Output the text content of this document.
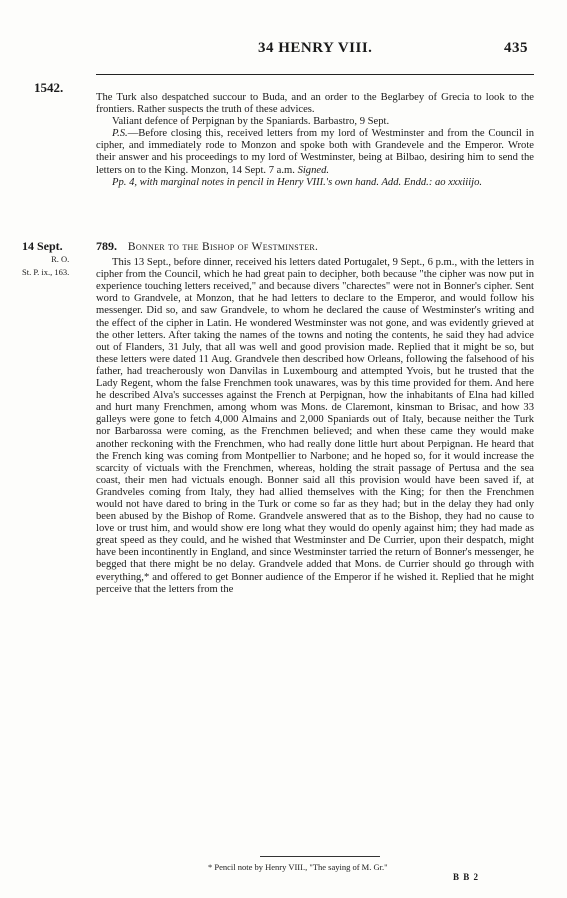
34 HENRY VIII.	435
1542.

The Turk also despatched succour to Buda, and an order to the Beglarbey of Grecia to look to the frontiers. Rather suspects the truth of these advices.

Valiant defence of Perpignan by the Spaniards. Barbastro, 9 Sept.

P.S.—Before closing this, received letters from my lord of Westminster and from the Council in cipher, and immediately rode to Monzon and spoke both with Grandevele and the Emperor. Wrote their answer and his proceedings to my lord of Westminster, being at Bilbao, desiring him to send the letters on to the King. Monzon, 14 Sept. 7 a.m. Signed.

Pp. 4, with marginal notes in pencil in Henry VIII.'s own hand. Add. Endd.: ao xxxiiijo.

14 Sept.
R. O.
St. P. ix., 163.
789. Bonner to the Bishop of Westminster.

This 13 Sept., before dinner, received his letters dated Portugalet, 9 Sept., 6 p.m., with the letters in cipher from the Council, which he had great pain to decipher, both because "the cipher was now put in experience touching letters received," and because divers "charectes" were not in Bonner's cipher. Sent word to Grandvele, at Monzon, that he had letters to declare to the Emperor, and would follow his messenger. Did so, and saw Grandvele, to whom he declared the cause of Westminster's writing and the effect of the cipher in Latin. He wondered Westminster was not gone, and was evidently grieved at the other letters. After taking the names of the towns and noting the contents, he said they had advice out of Flanders, 31 July, that all was well and good provision made. Replied that it might be so, but these letters were dated 11 Aug. Grandvele then described how Orleans, following the falsehood of his father, had treacherously won Danvilas in Luxembourg and attempted Yvois, but he trusted that the Lady Regent, whom the false Frenchmen took unawares, was by this time provided for them. And here he described Alva's successes against the French at Perpignan, how the inhabitants of Elna had killed and hurt many Frenchmen, among whom was Mons. de Claremont, kinsman to Brisac, and how 33 galleys were gone to fetch 4,000 Almains and 2,000 Spaniards out of Italy, because neither the Turk nor Barbarossa were coming, as the Frenchmen believed; and when these came they would make another reckoning with the Frenchmen, who had really done little hurt about Perpignan. He heard that the French king was coming from Montpellier to Narbone; and he hoped so, for it would increase the scarcity of victuals with the Frenchmen, whereas, holding the strait passage of Pertusa and the sea coast, their men had victuals enough. Bonner said all this provision would have been saved if, at Grandveles coming from Italy, they had allied themselves with the King; for then the Frenchmen would not have dared to bring in the Turk or come so far as they had; but in the delay they had only been abused by the Bishop of Rome. Grandvele answered that as to the Bishop, they had no cause to love or trust him, and would show ere long what they would do openly against him; they had made as great speed as they could, and he wished that Westminster and De Currier, upon their despatch, might have been incontinently in England, and since Westminster tarried the return of Bonner's messenger, he begged that there might be no delay. Grandvele added that Mons. de Currier should go through with everything,* and offered to get Bonner audience of the Emperor if he wished it. Replied that he might perceive that the letters from the

* Pencil note by Henry VIII., "The saying of M. Gr."
B B 2
